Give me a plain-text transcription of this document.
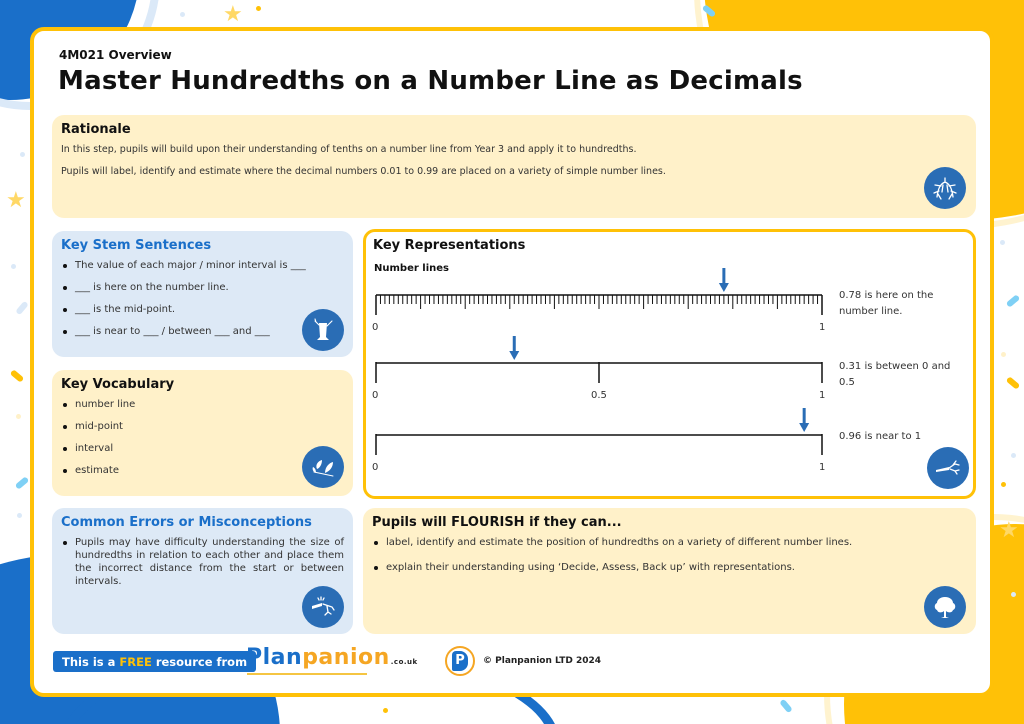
★
★
★
4M021 Overview
Master Hundredths on a Number Line as Decimals
Rationale

In this step, pupils will build upon their understanding of tenths on a number line from Year 3 and apply it to hundredths.

Pupils will label, identify and estimate where the decimal numbers 0.01 to 0.99 are placed on a variety of simple number lines.

Key Stem Sentences
The value of each major / minor interval is ___
___ is here on the number line.
___ is the mid-point.
___ is near to ___ / between ___ and ___
Key Vocabulary
number line
mid-point
interval
estimate
Common Errors or Misconceptions
Pupils may have difficulty understanding the size of hundredths in relation to each other and place them the incorrect distance from the start or between intervals.
Key Representations
Number lines
0	1
0.78 is here on the number line.
0	0.5	1
0.31 is between 0 and 0.5
0	1
0.96 is near to 1
Pupils will FLOURISH if they can...
label, identify and estimate the position of hundredths on a variety of different number lines.
explain their understanding using ‘Decide, Assess, Back up’ with representations.
This is a FREE resource from
Planpanion.co.uk	P	© Planpanion LTD 2024
